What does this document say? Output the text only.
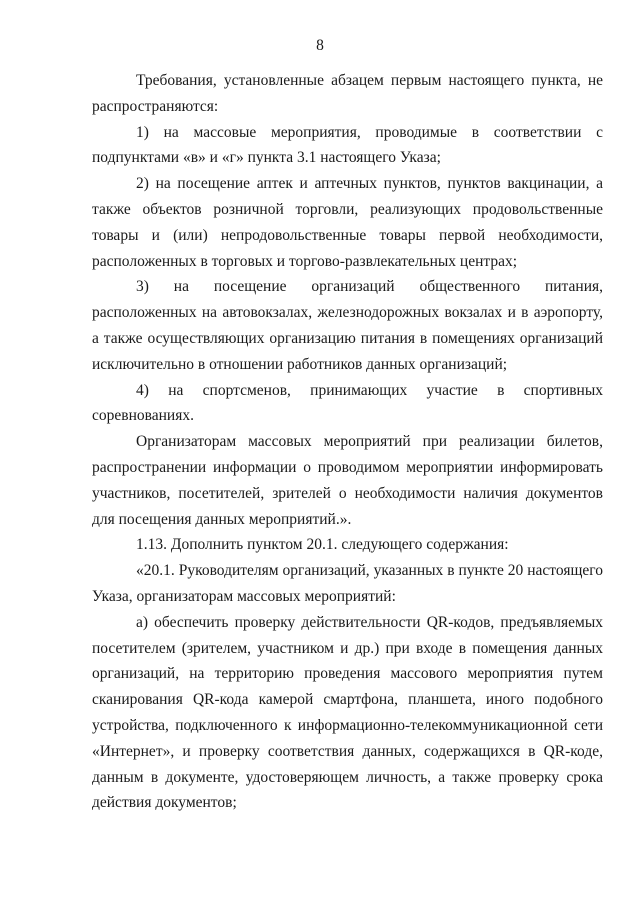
8

Требования, установленные абзацем первым настоящего пункта, не распространяются:

1) на массовые мероприятия, проводимые в соответствии с подпунктами «в» и «г» пункта 3.1 настоящего Указа;

2) на посещение аптек и аптечных пунктов, пунктов вакцинации, а также объектов розничной торговли, реализующих продовольственные товары и (или) непродовольственные товары первой необходимости, расположенных в торговых и торгово-развлекательных центрах;

3) на посещение организаций общественного питания, расположенных на автовокзалах, железнодорожных вокзалах и в аэропорту, а также осуществляющих организацию питания в помещениях организаций исключительно в отношении работников данных организаций;

4) на спортсменов, принимающих участие в спортивных соревнованиях.

Организаторам массовых мероприятий при реализации билетов, распространении информации о проводимом мероприятии информировать участников, посетителей, зрителей о необходимости наличия документов для посещения данных мероприятий.».

1.13. Дополнить пунктом 20.1. следующего содержания:

«20.1. Руководителям организаций, указанных в пункте 20 настоящего Указа, организаторам массовых мероприятий:

а) обеспечить проверку действительности QR-кодов, предъявляемых посетителем (зрителем, участником и др.) при входе в помещения данных организаций, на территорию проведения массового мероприятия путем сканирования QR-кода камерой смартфона, планшета, иного подобного устройства, подключенного к информационно-телекоммуникационной сети «Интернет», и проверку соответствия данных, содержащихся в QR-коде, данным в документе, удостоверяющем личность, а также проверку срока действия документов;
